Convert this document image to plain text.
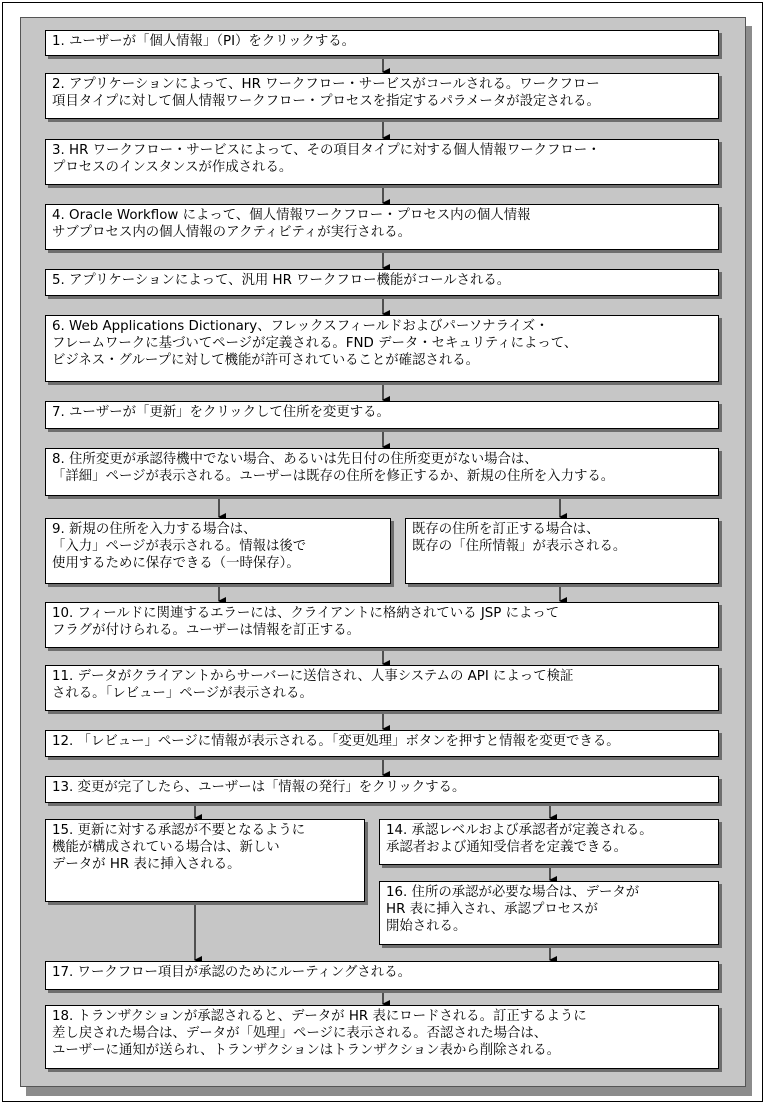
1. ユーザーが「個人情報」（PI）をクリックする。
2. アプリケーションによって、HR ワークフロー・サービスがコールされる。ワークフロー
項目タイプに対して個人情報ワークフロー・プロセスを指定するパラメータが設定される。
3. HR ワークフロー・サービスによって、その項目タイプに対する個人情報ワークフロー・
プロセスのインスタンスが作成される。
4. Oracle Workflow によって、個人情報ワークフロー・プロセス内の個人情報
サブプロセス内の個人情報のアクティビティが実行される。
5. アプリケーションによって、汎用 HR ワークフロー機能がコールされる。
6. Web Applications Dictionary、フレックスフィールドおよびパーソナライズ・
フレームワークに基づいてページが定義される。FND データ・セキュリティによって、
ビジネス・グループに対して機能が許可されていることが確認される。
7. ユーザーが「更新」をクリックして住所を変更する。
8. 住所変更が承認待機中でない場合、あるいは先日付の住所変更がない場合は、
「詳細」ページが表示される。ユーザーは既存の住所を修正するか、新規の住所を入力する。
9. 新規の住所を入力する場合は、
「入力」ページが表示される。情報は後で
使用するために保存できる（一時保存）。
既存の住所を訂正する場合は、
既存の「住所情報」が表示される。
10. フィールドに関連するエラーには、クライアントに格納されている JSP によって
フラグが付けられる。ユーザーは情報を訂正する。
11. データがクライアントからサーバーに送信され、人事システムの API によって検証
される。「レビュー」ページが表示される。
12. 「レビュー」ページに情報が表示される。「変更処理」ボタンを押すと情報を変更できる。
13. 変更が完了したら、ユーザーは「情報の発行」をクリックする。
15. 更新に対する承認が不要となるように
機能が構成されている場合は、新しい
データが HR 表に挿入される。
14. 承認レベルおよび承認者が定義される。
承認者および通知受信者を定義できる。
16. 住所の承認が必要な場合は、データが
HR 表に挿入され、承認プロセスが
開始される。
17. ワークフロー項目が承認のためにルーティングされる。
18. トランザクションが承認されると、データが HR 表にロードされる。訂正するように
差し戻された場合は、データが「処理」ページに表示される。否認された場合は、
ユーザーに通知が送られ、トランザクションはトランザクション表から削除される。
